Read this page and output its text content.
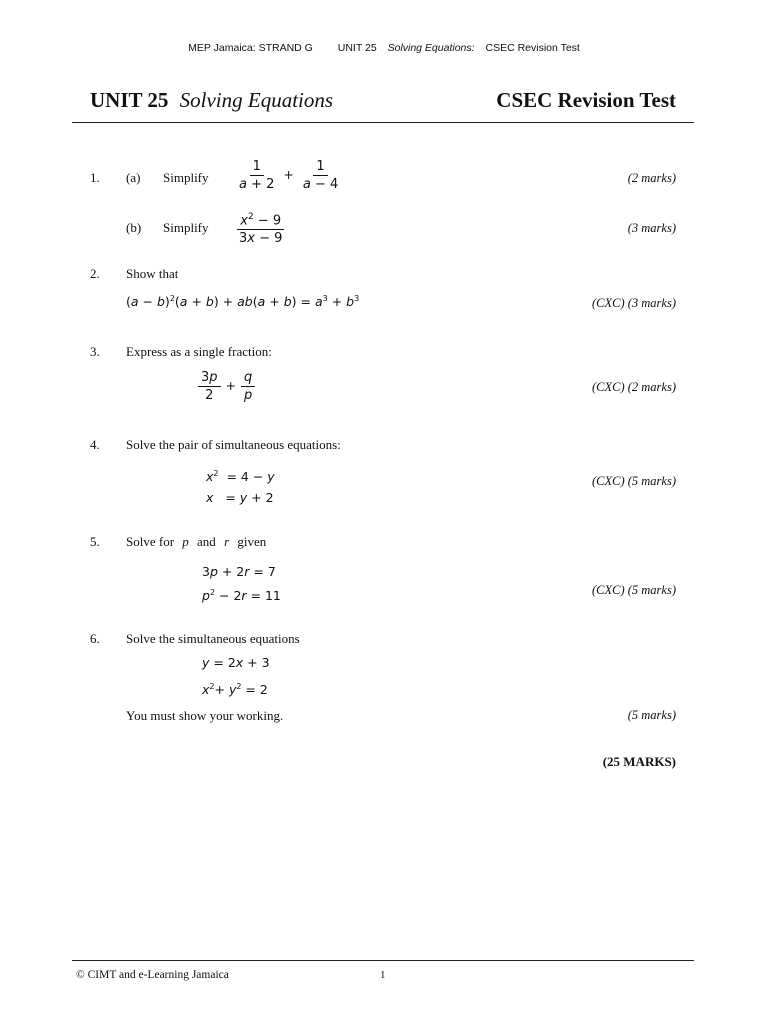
MEP Jamaica: STRAND G UNIT 25 Solving Equations: CSEC Revision Test
UNIT 25 Solving Equations	CSEC Revision Test
1. (a) Simplify $\frac{1}{a + 2} + \frac{1}{a - 4}$	(2 marks)
(b) Simplify $\frac{x^2 - 9}{3x - 9}$	(3 marks)
2. Show that
$(a - b)^2(a + b) + ab(a + b) = a^3 + b^3$	(CXC) (3 marks)
3. Express as a single fraction:
$\frac{3p}{2} + \frac{q}{p}$	(CXC) (2 marks)
4. Solve the pair of simultaneous equations:
$x^2 = 4 - y$
x   = y + 2
(CXC) (5 marks)
5. Solve for p and r given
3p + 2r = 7
$p^2 - 2r = 11$	(CXC) (5 marks)
6. Solve the simultaneous equations
y = 2x + 3
$x^2+ y^2 = 2$
You must show your working.	(5 marks)
(25 MARKS)
© CIMT and e-Learning Jamaica	1
